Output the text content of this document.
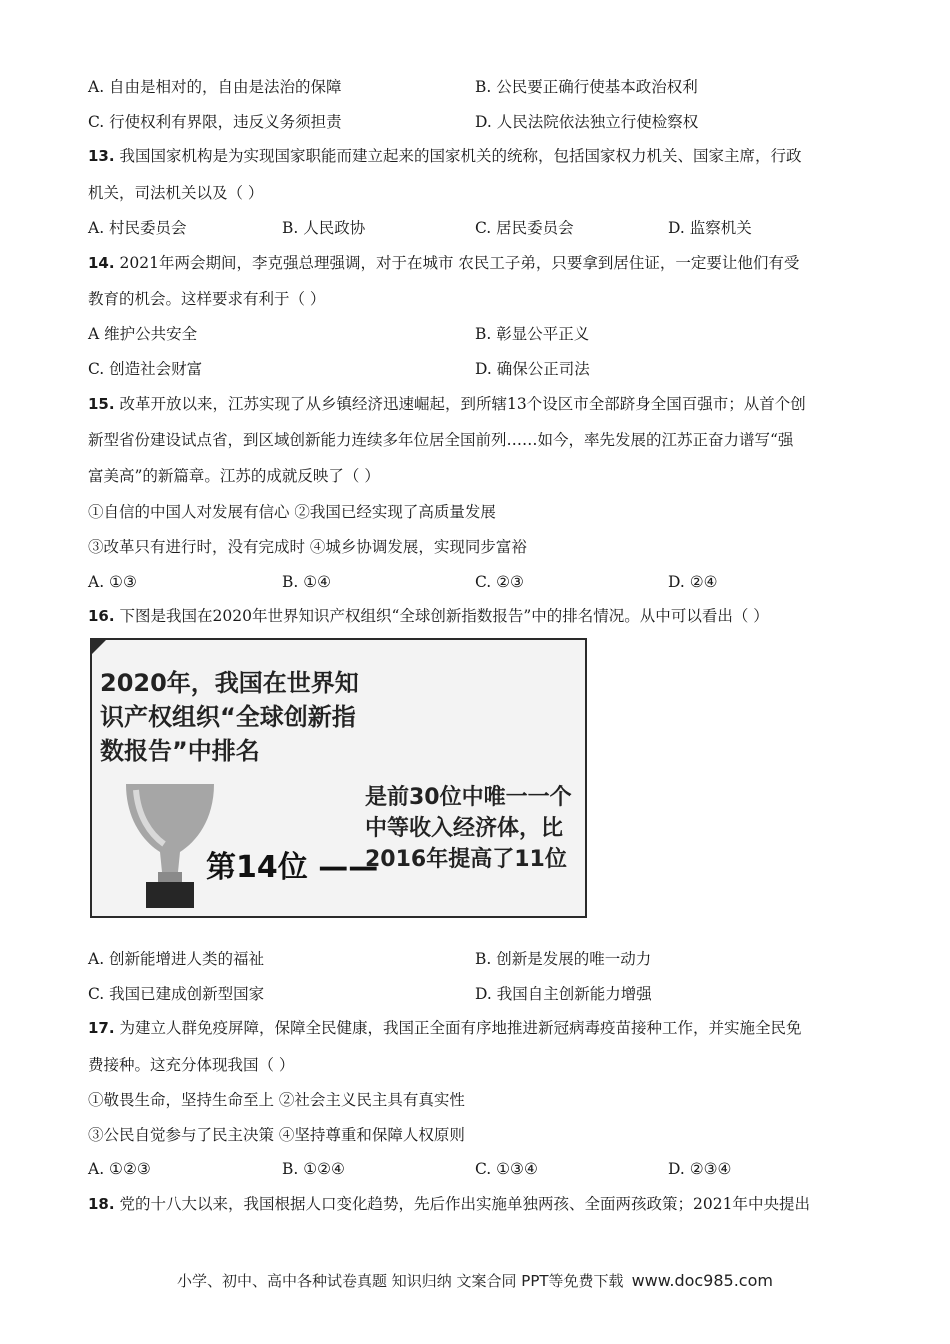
A. 自由是相对的，自由是法治的保障	B. 公民要正确行使基本政治权利
C. 行使权利有界限，违反义务须担责	D. 人民法院依法独立行使检察权
13. 我国国家机构是为实现国家职能而建立起来的国家机关的统称，包括国家权力机关、国家主席，行政
机关，司法机关以及（ ）
A. 村民委员会	B. 人民政协	C. 居民委员会	D. 监察机关
14. 2021年两会期间，李克强总理强调，对于在城市 农民工子弟，只要拿到居住证，一定要让他们有受
教育的机会。这样要求有利于（ ）
A 维护公共安全	B. 彰显公平正义
C. 创造社会财富	D. 确保公正司法
15. 改革开放以来，江苏实现了从乡镇经济迅速崛起，到所辖13个设区市全部跻身全国百强市；从首个创
新型省份建设试点省，到区域创新能力连续多年位居全国前列……如今，率先发展的江苏正奋力谱写“强
富美高”的新篇章。江苏的成就反映了（ ）
①自信的中国人对发展有信心 ②我国已经实现了高质量发展
③改革只有进行时，没有完成时 ④城乡协调发展，实现同步富裕
A. ①③	B. ①④	C. ②③	D. ②④
16. 下图是我国在2020年世界知识产权组织“全球创新指数报告”中的排名情况。从中可以看出（ ）
2020年，我国在世界知识产权组织“全球创新指数报告”中排名
第14位 ——
是前30位中唯一一个中等收入经济体，比2016年提高了11位
A. 创新能增进人类的福祉	B. 创新是发展的唯一动力
C. 我国已建成创新型国家	D. 我国自主创新能力增强
17. 为建立人群免疫屏障，保障全民健康，我国正全面有序地推进新冠病毒疫苗接种工作，并实施全民免
费接种。这充分体现我国（ ）
①敬畏生命，坚持生命至上 ②社会主义民主具有真实性
③公民自觉参与了民主决策 ④坚持尊重和保障人权原则
A. ①②③	B. ①②④	C. ①③④	D. ②③④
18. 党的十八大以来，我国根据人口变化趋势，先后作出实施单独两孩、全面两孩政策；2021年中央提出
小学、初中、高中各种试卷真题 知识归纳 文案合同 PPT等免费下载 www.doc985.com
